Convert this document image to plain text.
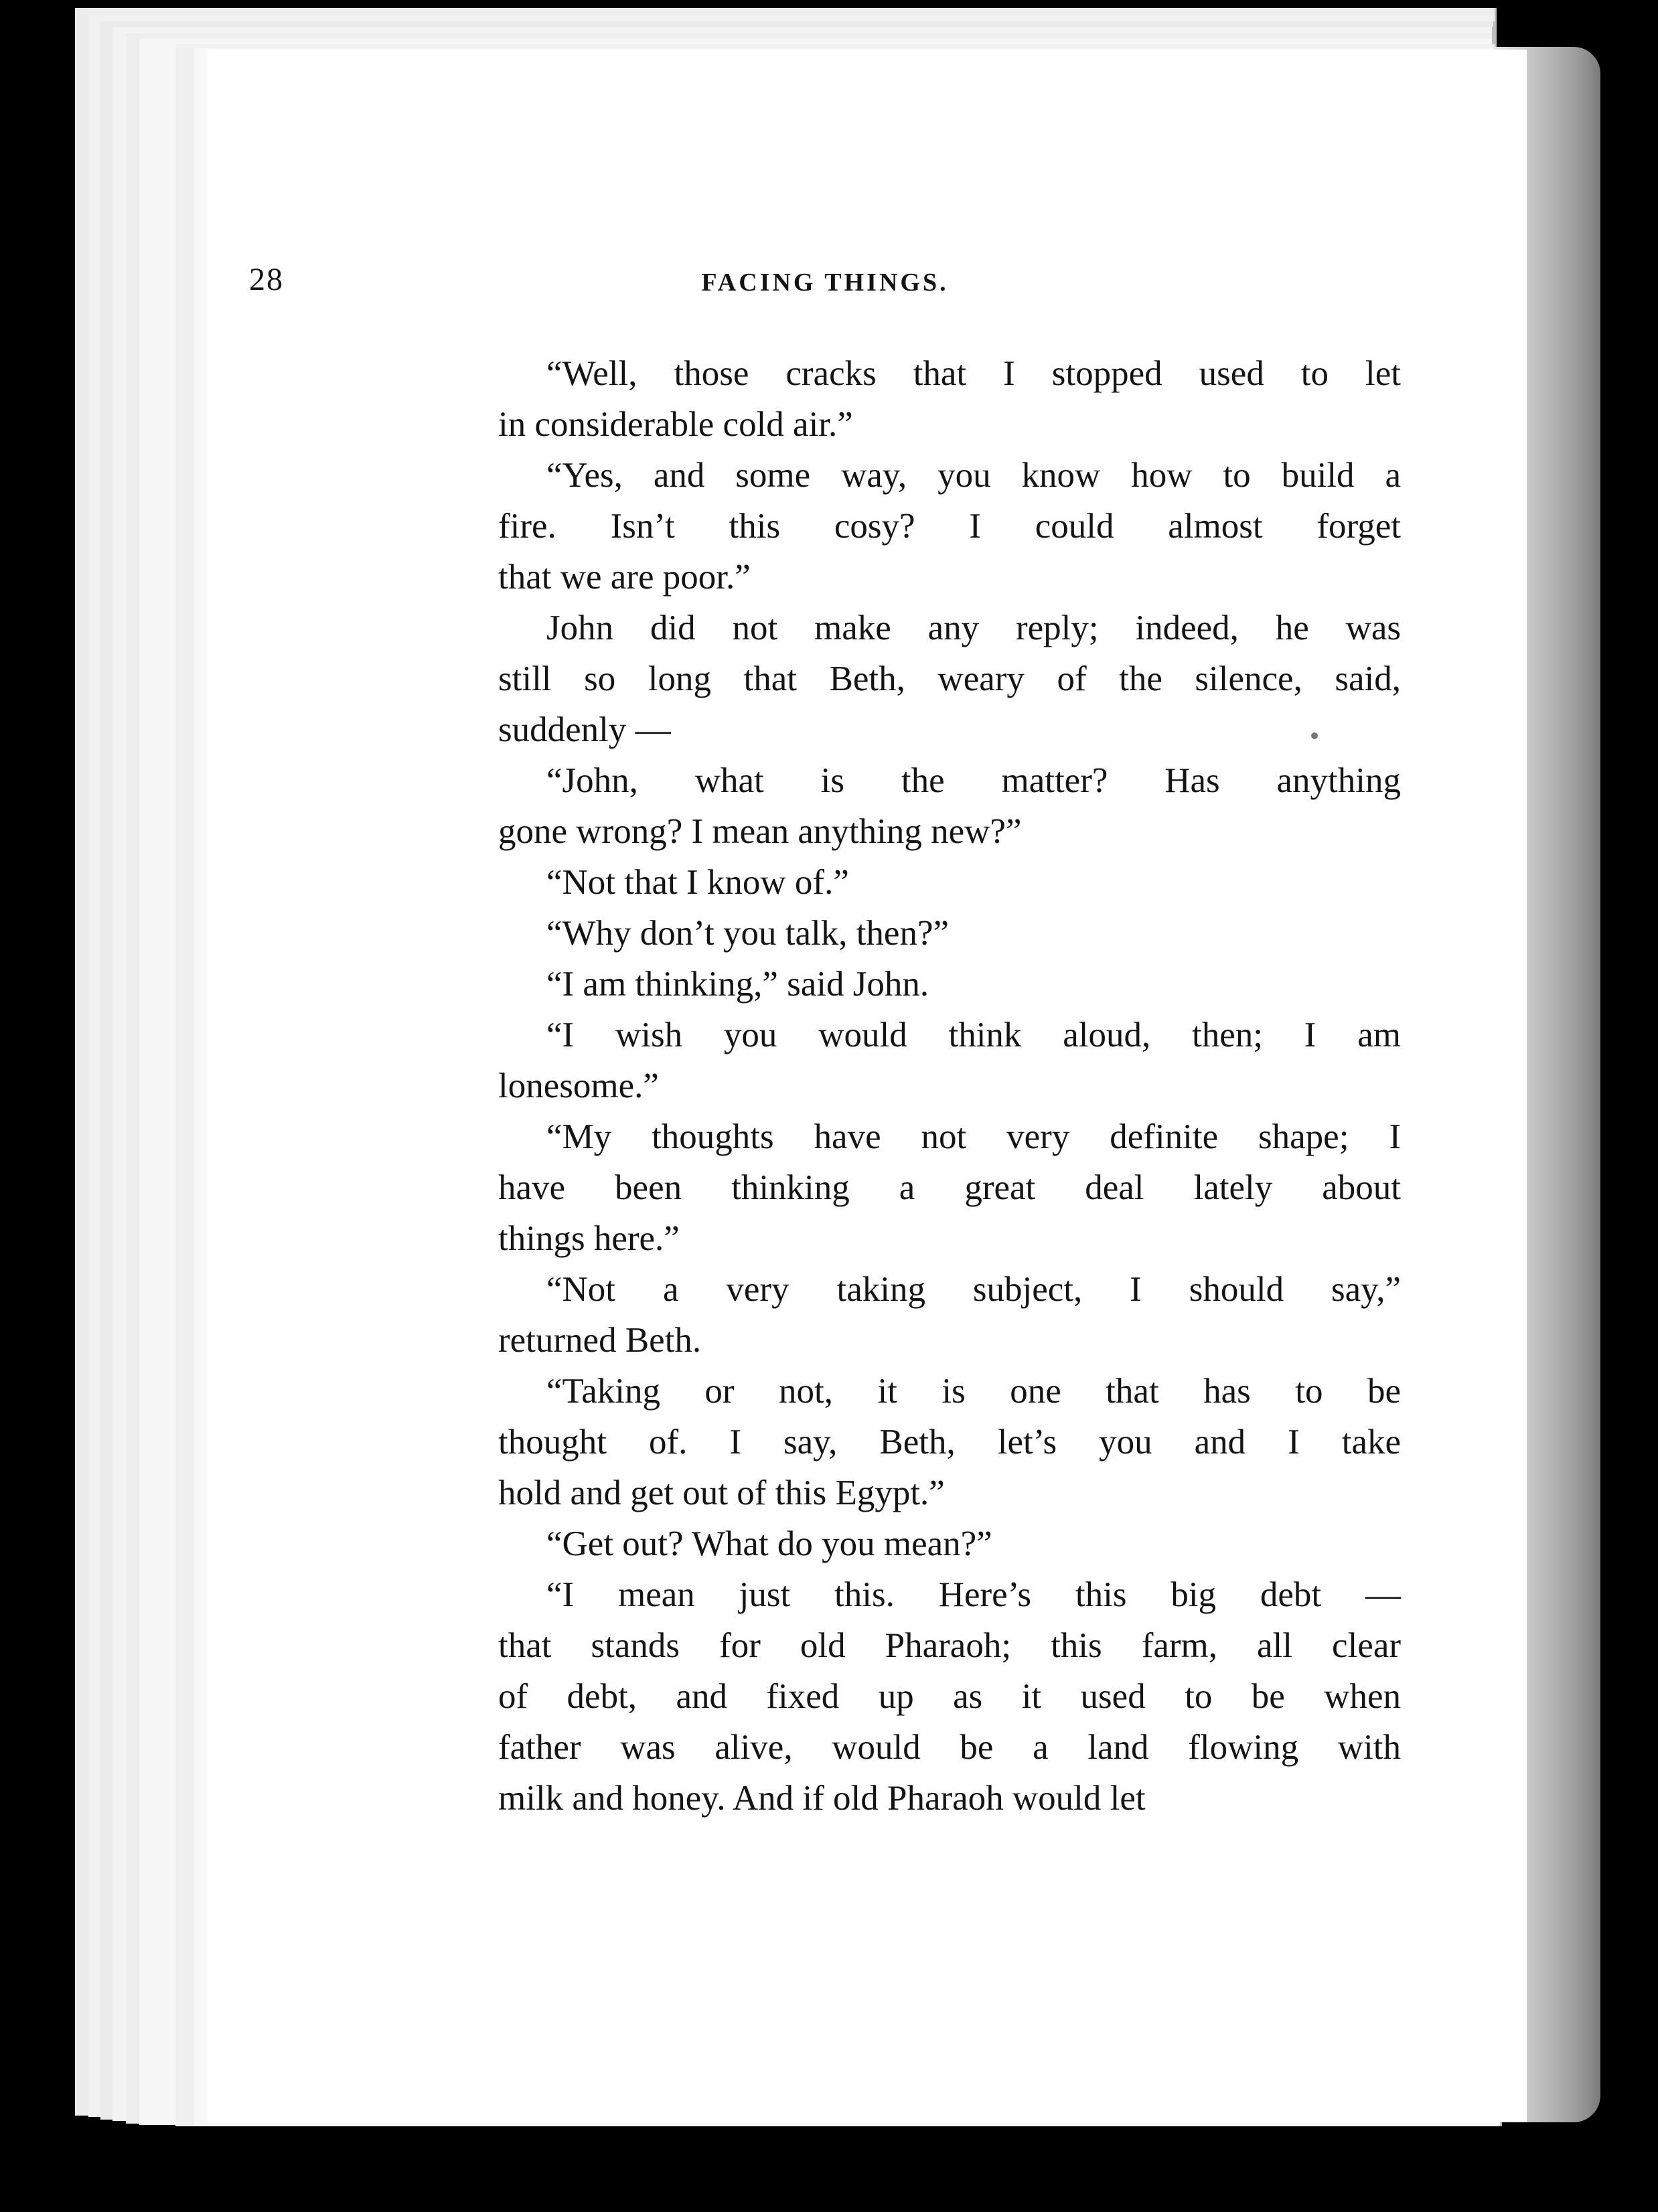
28	FACING THINGS.
“Well, those cracks that I stopped used to let
in considerable cold air.”
“Yes, and some way, you know how to build a
fire. Isn’t this cosy? I could almost forget
that we are poor.”
John did not make any reply; indeed, he was
still so long that Beth, weary of the silence, said,
suddenly —
“John, what is the matter? Has anything
gone wrong? I mean anything new?”
“Not that I know of.”
“Why don’t you talk, then?”
“I am thinking,” said John.
“I wish you would think aloud, then; I am
lonesome.”
“My thoughts have not very definite shape; I
have been thinking a great deal lately about
things here.”
“Not a very taking subject, I should say,”
returned Beth.
“Taking or not, it is one that has to be
thought of. I say, Beth, let’s you and I take
hold and get out of this Egypt.”
“Get out? What do you mean?”
“I mean just this. Here’s this big debt —
that stands for old Pharaoh; this farm, all clear
of debt, and fixed up as it used to be when
father was alive, would be a land flowing with
milk and honey. And if old Pharaoh would let
